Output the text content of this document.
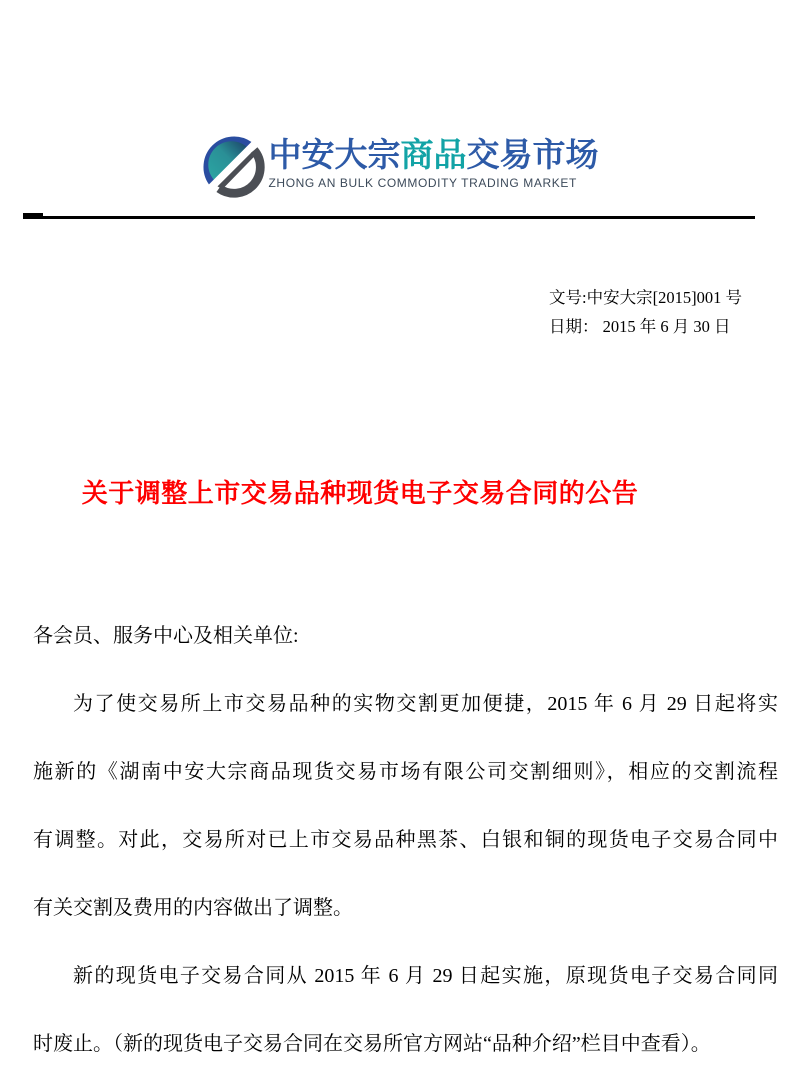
中安大宗商品交易市场
ZHONG AN BULK COMMODITY TRADING MARKET
文号:中安大宗[2015]001 号
日期： 2015 年 6 月 30 日
关于调整上市交易品种现货电子交易合同的公告
各会员、服务中心及相关单位:
为了使交易所上市交易品种的实物交割更加便捷，2015 年 6 月 29 日起将实
施新的《湖南中安大宗商品现货交易市场有限公司交割细则》，相应的交割流程
有调整。对此，交易所对已上市交易品种黑茶、白银和铜的现货电子交易合同中
有关交割及费用的内容做出了调整。
新的现货电子交易合同从 2015 年 6 月 29 日起实施，原现货电子交易合同同
时废止。（新的现货电子交易合同在交易所官方网站“品种介绍”栏目中查看）。
